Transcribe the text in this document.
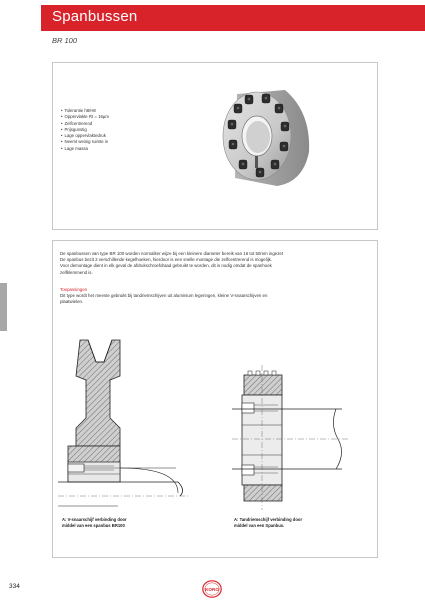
Spanbussen
BR 100
• Tolerantie h8/H8
• Oppervlakte Rt = 16µm
• Zelfcentrerend
• Prijsgunstig
• Lage oppervlaktedruk
• Neemt weinig ruimte in
• Lage massa

De spanbussen van type BR 100 worden normaliter wijze bij een kleinere diameter bereik van 16 tot 50mm ingezet

De spanbus bezit 2 verschillende kegelhoeken, hierdoor is een snelle montage die zelfcentrerend is mogelijk.

Voor demontage dient in elk geval de afdrukschroefdraad gebruikt te worden, dit is nodig omdat de spanhoek

zelfklemmend is.

Toepassingen

Dit type wordt het meeste gebruikt bij tandriemschijven uit aluminium legeringen, kleine V-snaarschijven en

plaatwielen.

A: V-snaarschijf verbinding door
middel van een spanbus BR100
A: Tandriemschijf verbinding door
middel van een Spanbus.
334	KORO
